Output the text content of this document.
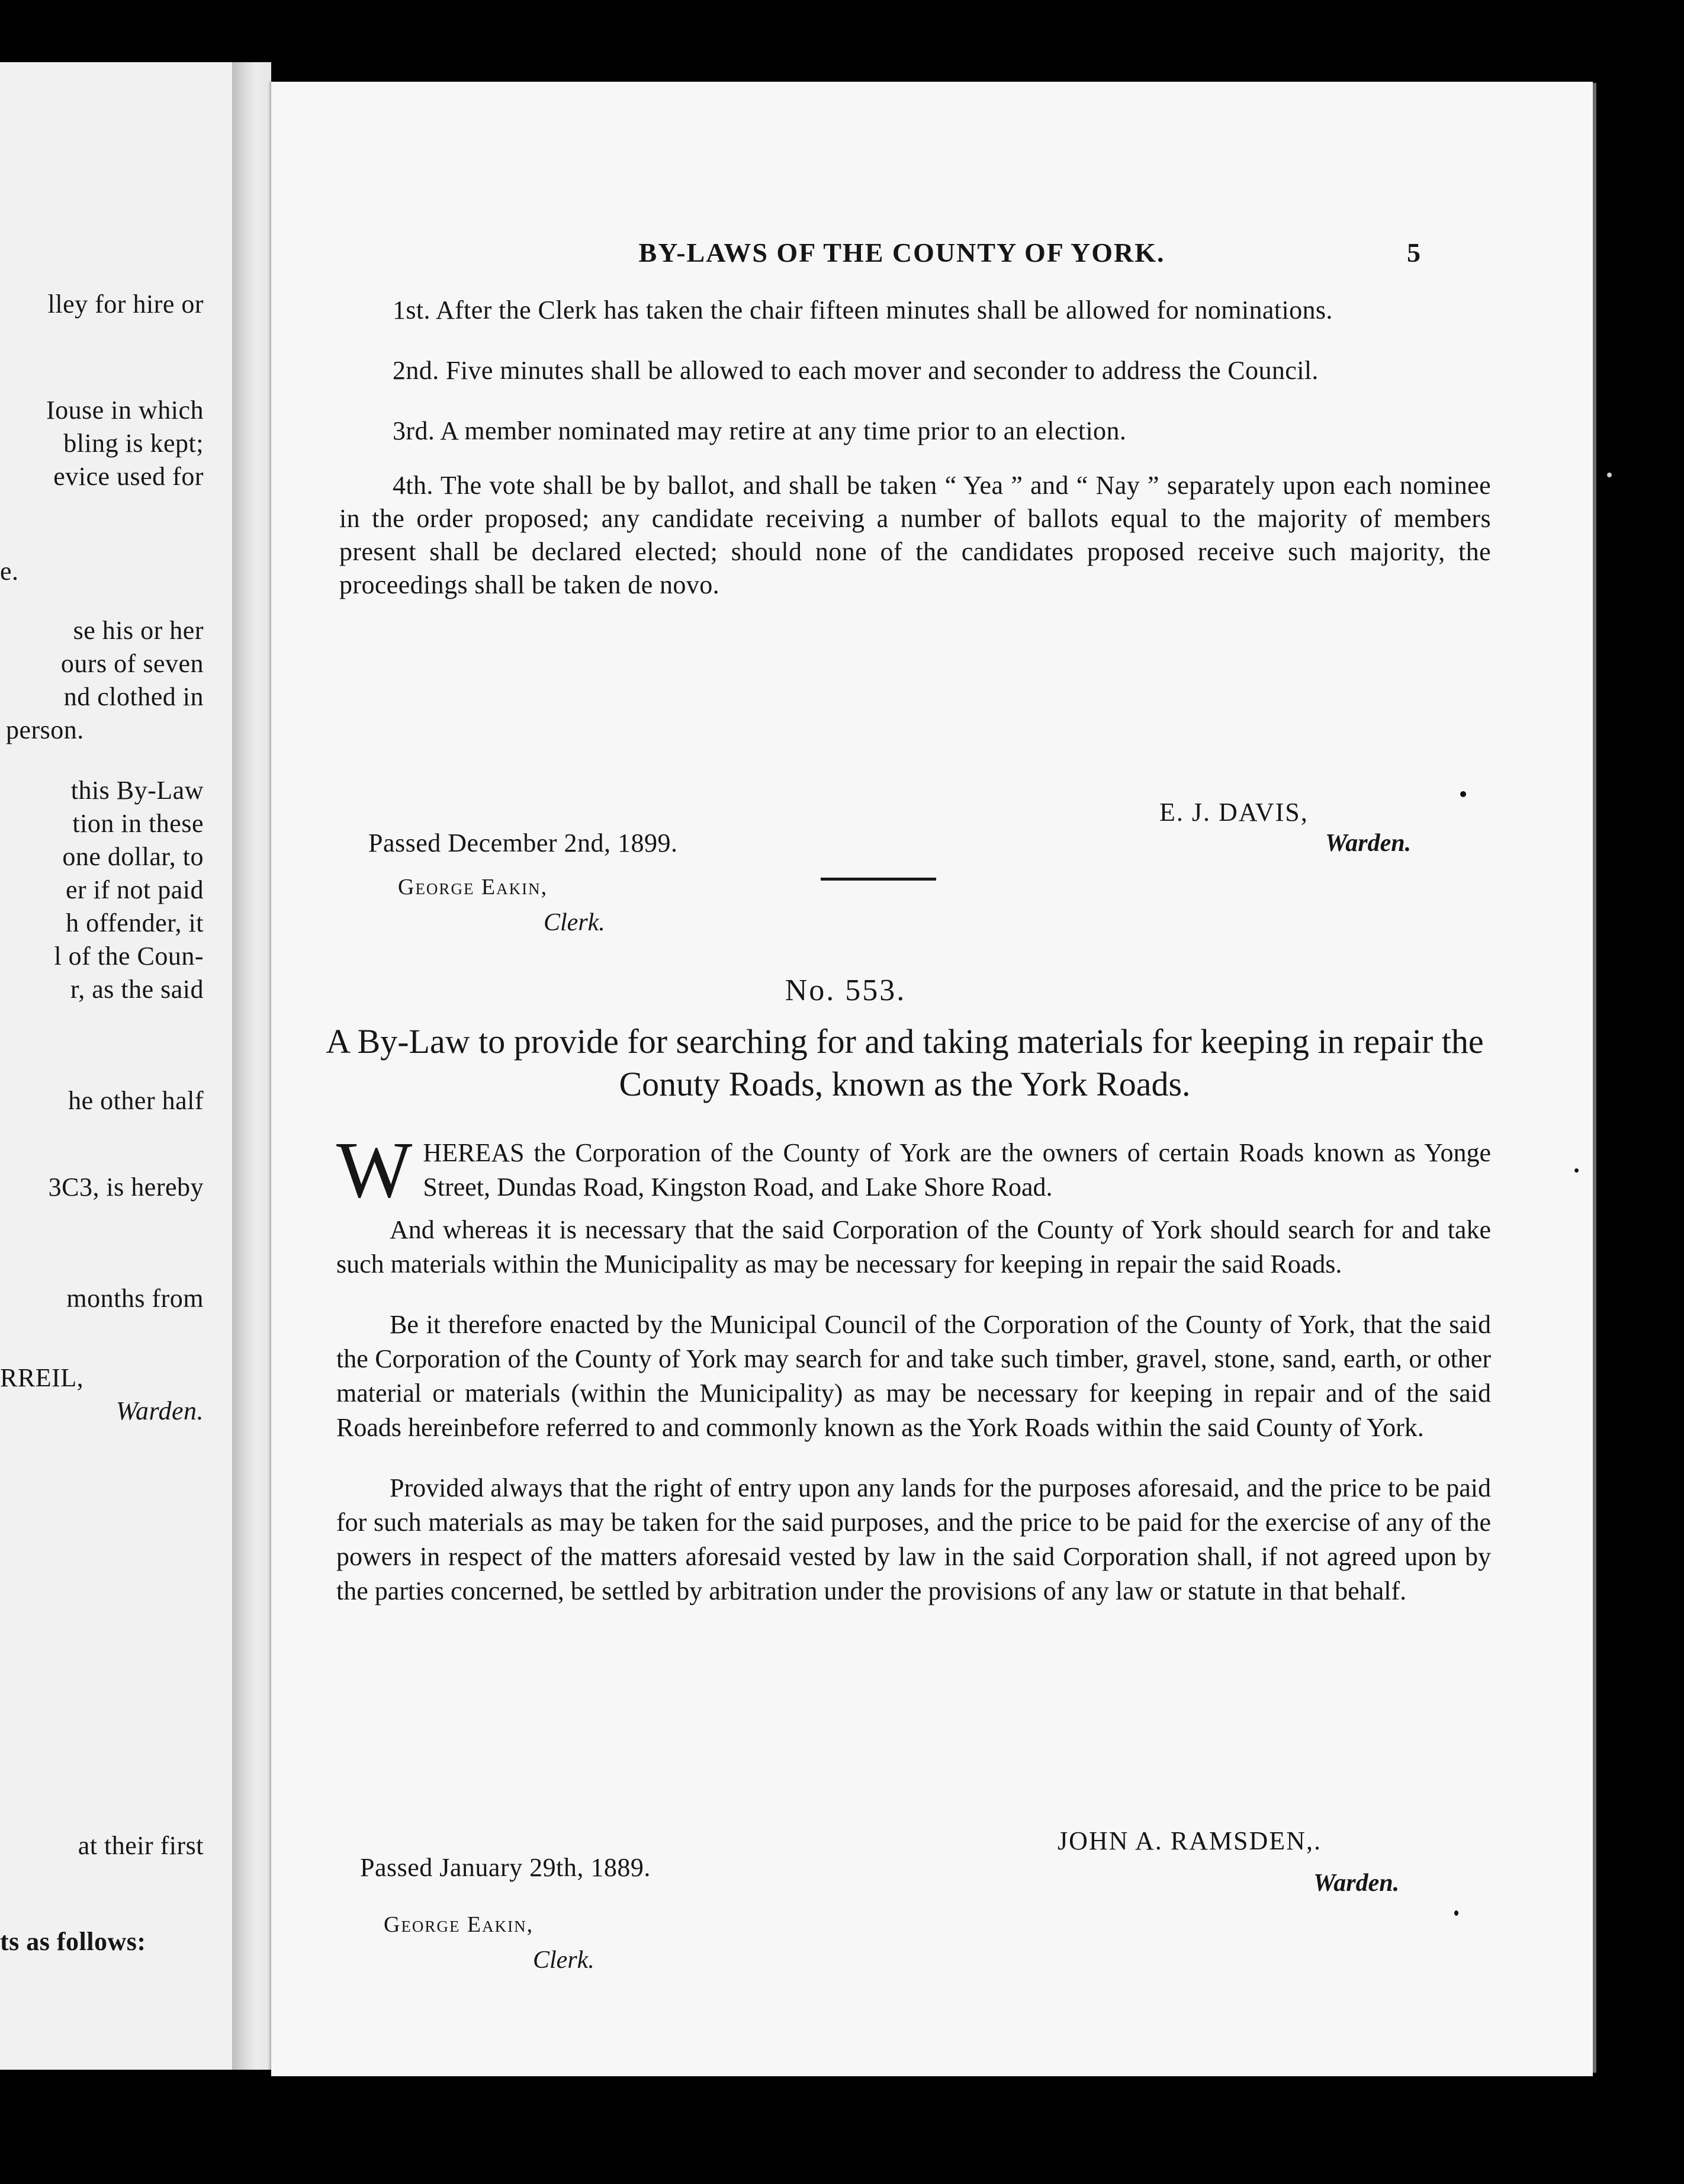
lley for hire or
Iouse in which
bling is kept;
evice used for
e.
se his or her
ours of seven
nd clothed in
person.
this By-Law
tion in these
one dollar, to
er if not paid
h offender, it
l of the Coun-
r, as the said
he other half
3C3, is hereby
months from
RREIL,
Warden.
at their first
ts as follows:
BY-LAWS OF THE COUNTY OF YORK.	5

1st. After the Clerk has taken the chair fifteen minutes shall be allowed for nominations.

2nd. Five minutes shall be allowed to each mover and seconder to address the Council.

3rd. A member nominated may retire at any time prior to an election.

4th. The vote shall be by ballot, and shall be taken “ Yea ” and “ Nay ” separately upon each nominee in the order proposed; any candidate receiving a number of ballots equal to the majority of members present shall be declared elected; should none of the candidates proposed receive such majority, the proceedings shall be taken de novo.

E. J. DAVIS,
Warden.
Passed December 2nd, 1899.
George Eakin,
Clerk.
No. 553.
A By-Law to provide for searching for and taking materials for keeping in repair the Conuty Roads, known as the York Roads.

WHEREAS the Corporation of the County of York are the owners of certain Roads known as Yonge Street, Dundas Road, Kingston Road, and Lake Shore Road.

And whereas it is necessary that the said Corporation of the County of York should search for and take such materials within the Municipality as may be necessary for keeping in repair the said Roads.

Be it therefore enacted by the Municipal Council of the Corporation of the County of York, that the said the Corporation of the County of York may search for and take such timber, gravel, stone, sand, earth, or other material or materials (within the Municipality) as may be necessary for keeping in repair and of the said Roads hereinbefore referred to and commonly known as the York Roads within the said County of York.

Provided always that the right of entry upon any lands for the purposes aforesaid, and the price to be paid for such materials as may be taken for the said purposes, and the price to be paid for the exercise of any of the powers in respect of the matters aforesaid vested by law in the said Corporation shall, if not agreed upon by the parties concerned, be settled by arbitration under the provisions of any law or statute in that behalf.

JOHN A. RAMSDEN,.
Warden.
Passed January 29th, 1889.
George Eakin,
Clerk.
